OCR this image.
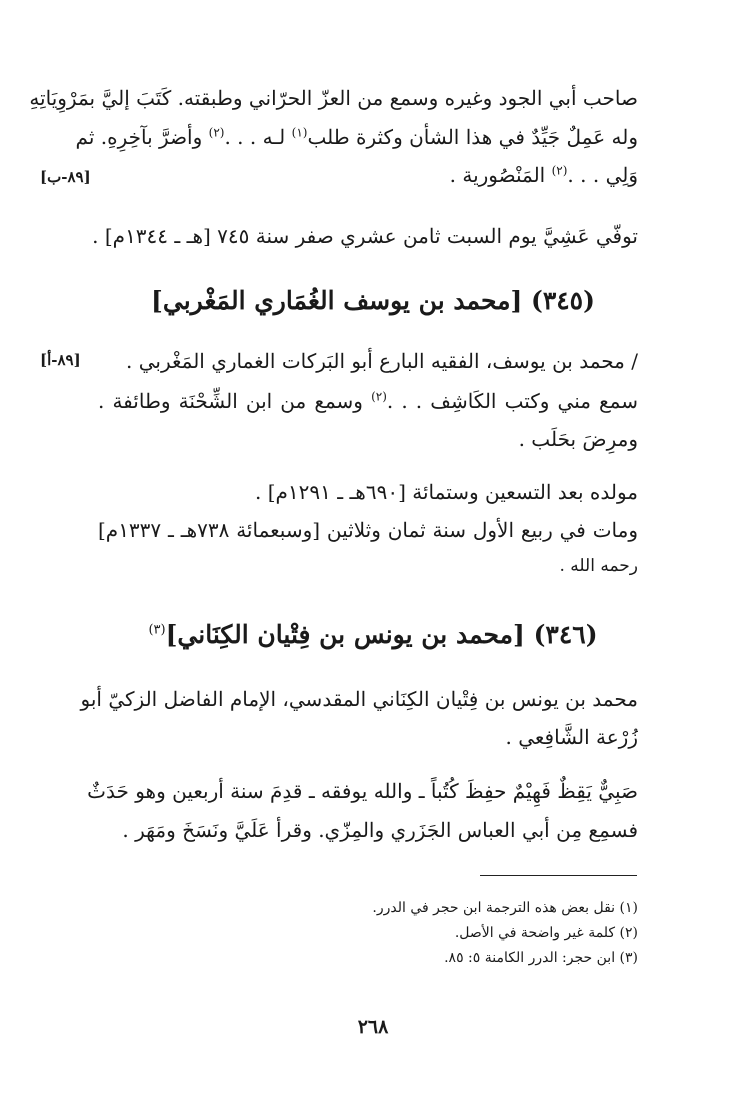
صاحب أبي الجود وغيره وسمع من العزّ الحرّاني وطبقته. كَتَبَ إليَّ بمَرْوِيَاتِهِ
وله عَمِلٌ جَيِّدٌ في هذا الشأن وكثرة طلب$^{(١)}$ لـه . . .$^{(٢)}$ وأضرَّ بآخِرِهِ. ثم
وَلِي . . .$^{(٢)}$ المَنْصُورية .
[٨٩-ب]
توفّي عَشِيَّ يوم السبت ثامن عشري صفر سنة ٧٤٥ [هـ ـ ١٣٤٤م] .
(٣٤٥) [محمد بن يوسف الغُمَاري المَغْربي]
[٨٩-أ]	/ محمد بن يوسف، الفقيه البارع أبو البَركات الغماري المَغْربي .
سمع مني وكتب الكَاشِف . . .$^{(٢)}$ وسمع من ابن الشِّحْنَة وطائفة .
ومرِضَ بحَلَب .
مولده بعد التسعين وستمائة [٦٩٠هـ ـ ١٢٩١م] .
ومات في ربيع الأول سنة ثمان وثلاثين [وسبعمائة ٧٣٨هـ ـ ١٣٣٧م]
رحمه الله .
(٣٤٦) [محمد بن يونس بن فِتْيان الكِنَاني]$^{(٣)}$
محمد بن يونس بن فِتْيان الكِنَاني المقدسي، الإمام الفاضل الزكيّ أبو
زُرْعة الشَّافِعي .
صَبِيٌّ يَقِظٌ فَهِيْمٌ حفِظَ كُتُباً ـ والله يوفقه ـ قدِمَ سنة أربعين وهو حَدَثٌ
فسمِع مِن أبي العباس الجَزَري والمِزّي. وقرأ عَلَيَّ ونَسَخَ ومَهَر .
(١) نقل بعض هذه الترجمة ابن حجر في الدرر.
(٢) كلمة غير واضحة في الأصل.
(٣) ابن حجر: الدرر الكامنة ٥: ٨٥.
٢٦٨
